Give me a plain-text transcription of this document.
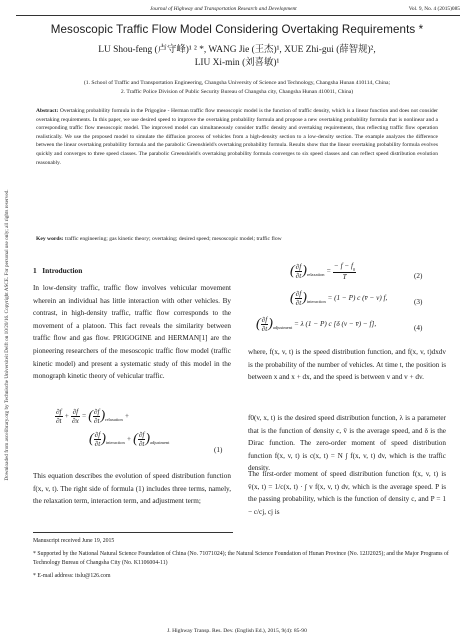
Journal of Highway and Transportation Research and Development	Vol. 9, No. 4 (2015)085
Downloaded from ascelibrary.org by Technische Universiteit Delft on 10/20/16. Copyright ASCE. For personal use only; all rights reserved.
Mesoscopic Traffic Flow Model Considering Overtaking Requirements *
LU Shou-feng (卢守峰)¹ ² *, WANG Jie (王杰)¹, XUE Zhi-gui (薛智规)²,
LIU Xi-min (刘喜敏)¹
(1. School of Traffic and Transportation Engineering, Changsha University of Science and Technology, Changsha Hunan 410114, China;
2. Traffic Police Division of Public Security Bureau of Changsha city, Changsha Hunan 410011, China)
Abstract: Overtaking probability formula in the Prigogine - Herman traffic flow mesoscopic model is the function of traffic density, which is a linear function and does not consider overtaking requirements. In this paper, we use desired speed to improve the overtaking probability formula and propose a new overtaking probability formula that is nonlinear and a corresponding traffic flow mesoscopic model. The improved model can simultaneously consider traffic density and overtaking requirements, thus reflecting traffic flow operation realistically. We use the proposed model to simulate the diffusion process of vehicles from a high-density section to a low-density section. The example analyzes the difference between the linear overtaking probability formula and the parabolic Greenshield's overtaking probability formula. Results show that the linear overtaking probability formula evolves quickly and converges to three speed classes. The parabolic Greenshield's overtaking probability formula converges to six speed classes and can reflect speed distribution evolution reasonably.
Key words: traffic engineering; gas kinetic theory; overtaking; desired speed; mesoscopic model; traffic flow
1 Introduction
In low-density traffic, traffic flow involves vehicular movement wherein an individual has little interaction with other vehicles. By contrast, in high-density traffic, traffic flow corresponds to the movement of a platoon. This fact reveals the similarity between traffic flow and gas flow. PRIGOGINE and HERMAN[1] are the pioneering researchers of the mesoscopic traffic flow model (traffic kinetic model) and present a systematic study of this model in the monograph kinetic theory of vehicular traffic.
$\frac{\partial f}{\partial t} + \frac{\partial f}{\partial x}$ = ( $\frac{\partial f}{\partial t} )_{relaxation}$ +
( $\frac{\partial f}{\partial t} )_{interaction}$ + ( $\frac{\partial f}{\partial t} )_{adjustment}$
(1)
This equation describes the evolution of speed distribution function f(x, v, t). The right side of formula (1) includes three terms, namely, the relaxation term, interaction term, and adjustment term;
( $\frac{\partial f}{\partial t} )_{relaxation} = \frac{- f - f_0}{T}$	(2)
( $\frac{\partial f}{\partial t} )_{interaction} = (1 - P)$ c (v̄ − v) f,	(3)
( $\frac{\partial f}{\partial t} )_{adjustment} = \lambda$ (1 − P) c [δ (v − v̄) − f],	(4)
where, f(x, v, t) is the speed distribution function, and f(x, v, t)dxdv is the probability of the number of vehicles. At time t, the position is between x and x + dx, and the speed is between v and v + dv.
f0(v, x, t) is the desired speed distribution function, λ is a parameter that is the function of density c, v̄ is the average speed, and δ is the Dirac function. The zero-order moment of speed distribution function f(x, v, t) is c(x, t) = N ∫ f(x, v, t) dv, which is the traffic density.
The first-order moment of speed distribution function f(x, v, t) is v̄(x, t) = 1/c(x, t) · ∫ v f(x, v, t) dv, which is the average speed. P is the passing probability, which is the function of density c, and P = 1 − c/cj, cj is
Manuscript received June 19, 2015
* Supported by the National Natural Science Foundation of China (No. 71071024); the Natural Science Foundation of Hunan Province (No. 12JJ2025); and the Major Programs of Technology Bureau of Changsha City (No. K1106004-11)
* E-mail address: itslu@126.com
J. Highway Transp. Res. Dev. (English Ed.), 2015, 9(4): 85-90
